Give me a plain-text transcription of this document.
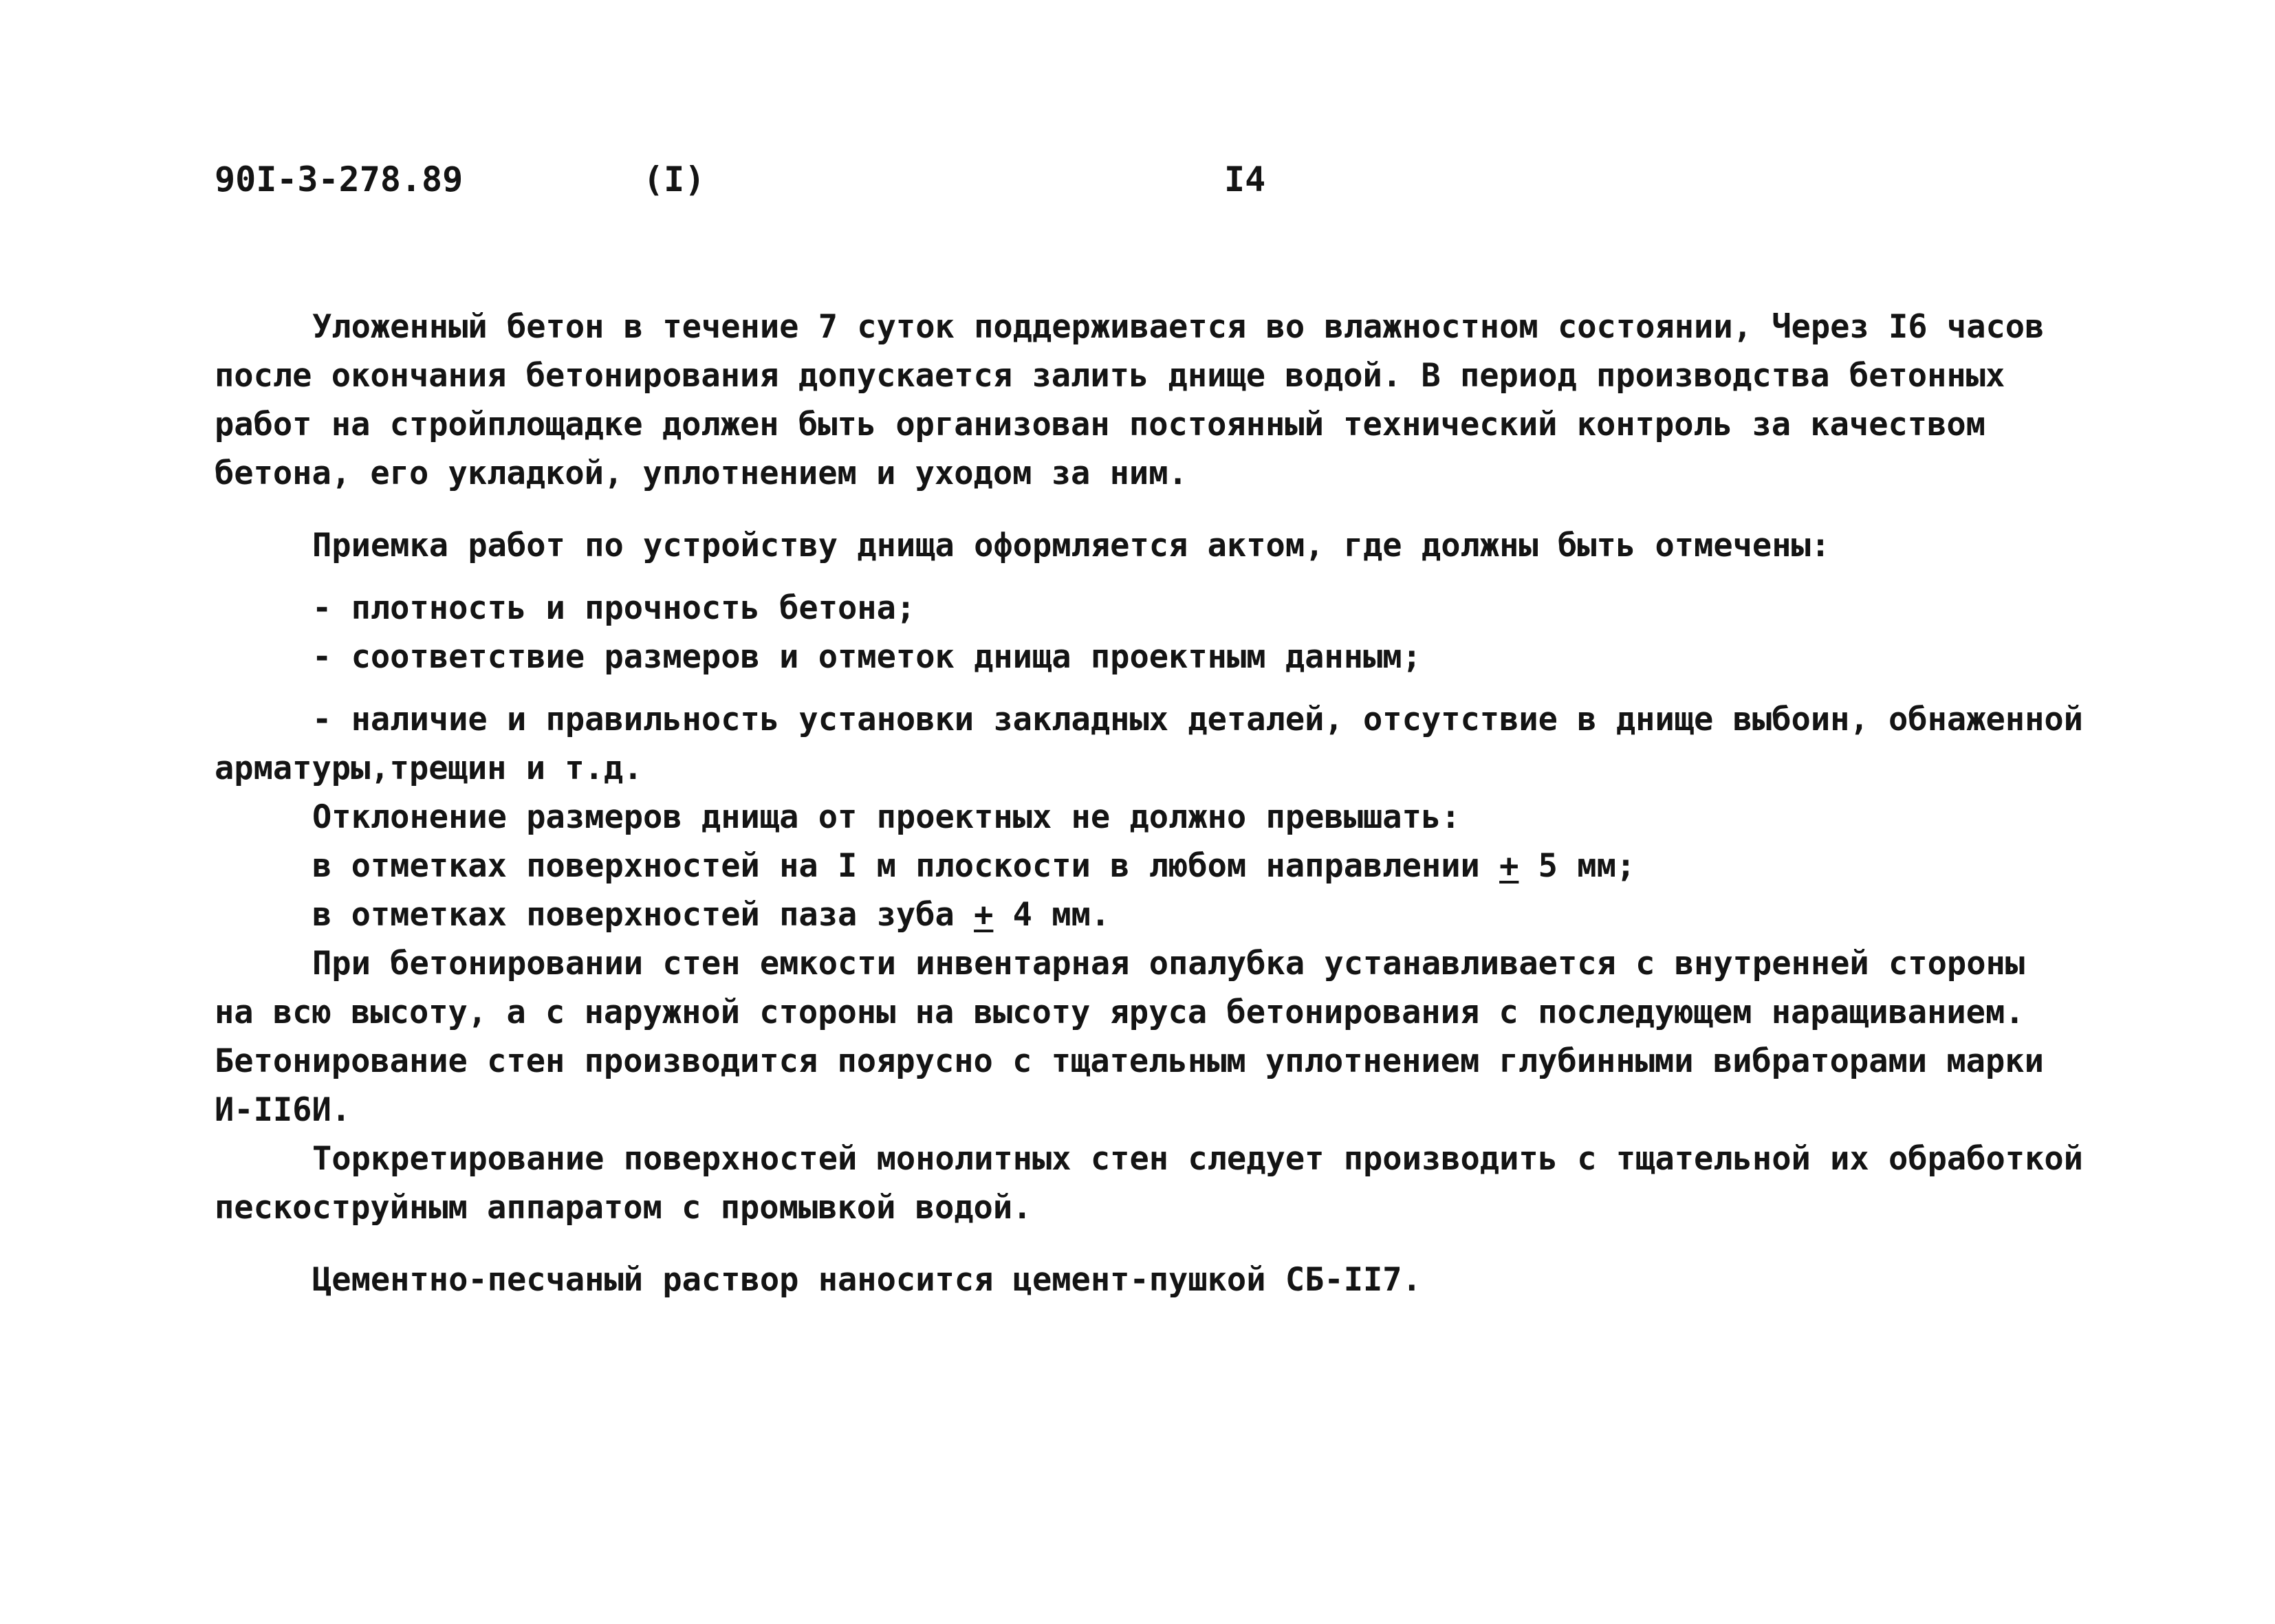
90I-3-278.89	(I)	I4

Уложенный бетон в течение 7 суток поддерживается во влажностном состоянии, Через I6 часов

после окончания бетонирования допускается залить днище водой. В период производства бетонных

работ на стройплощадке должен быть организован постоянный технический контроль за качеством

бетона, его укладкой, уплотнением и уходом за ним.

Приемка работ по устройству днища оформляется актом, где должны быть отмечены:

- плотность и прочность бетона;

- соответствие размеров и отметок днища проектным данным;

- наличие и правильность установки закладных деталей, отсутствие в днище выбоин, обнаженной

арматуры,трещин и т.д.

Отклонение размеров днища от проектных не должно превышать:

в отметках поверхностей на I м плоскости в любом направлении + 5 мм;

в отметках поверхностей паза зуба + 4 мм.

При бетонировании стен емкости инвентарная опалубка устанавливается с внутренней стороны

на всю высоту, а с наружной стороны на высоту яруса бетонирования с последующем наращиванием.

Бетонирование стен производится поярусно с тщательным уплотнением глубинными вибраторами марки

И-II6И.

Торкретирование поверхностей монолитных стен следует производить с тщательной их обработкой

пескоструйным аппаратом с промывкой водой.

Цементно-песчаный раствор наносится цемент-пушкой СБ-II7.
